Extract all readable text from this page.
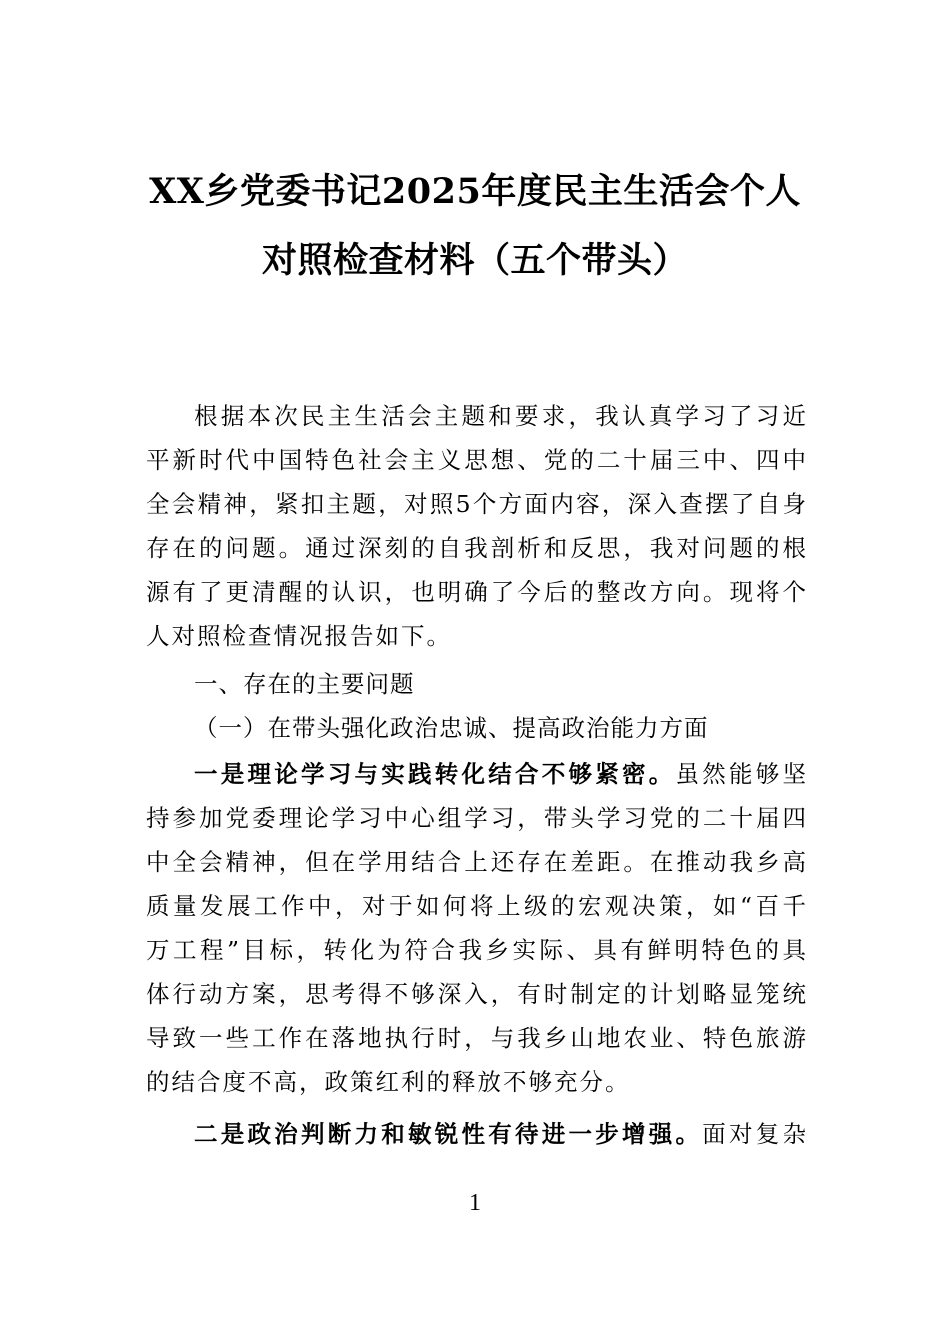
XX乡党委书记2025年度民主生活会个人
对照检查材料（五个带头）
根据本次民主生活会主题和要求，我认真学习了习近
平新时代中国特色社会主义思想、党的二十届三中、四中
全会精神，紧扣主题，对照5个方面内容，深入查摆了自身
存在的问题。通过深刻的自我剖析和反思，我对问题的根
源有了更清醒的认识，也明确了今后的整改方向。现将个
人对照检查情况报告如下。
一、存在的主要问题
（一）在带头强化政治忠诚、提高政治能力方面
一是理论学习与实践转化结合不够紧密。虽然能够坚
持参加党委理论学习中心组学习，带头学习党的二十届四
中全会精神，但在学用结合上还存在差距。在推动我乡高
质量发展工作中，对于如何将上级的宏观决策，如“百千
万工程”目标，转化为符合我乡实际、具有鲜明特色的具
体行动方案，思考得不够深入，有时制定的计划略显笼统
导致一些工作在落地执行时，与我乡山地农业、特色旅游
的结合度不高，政策红利的释放不够充分。
二是政治判断力和敏锐性有待进一步增强。面对复杂
1
